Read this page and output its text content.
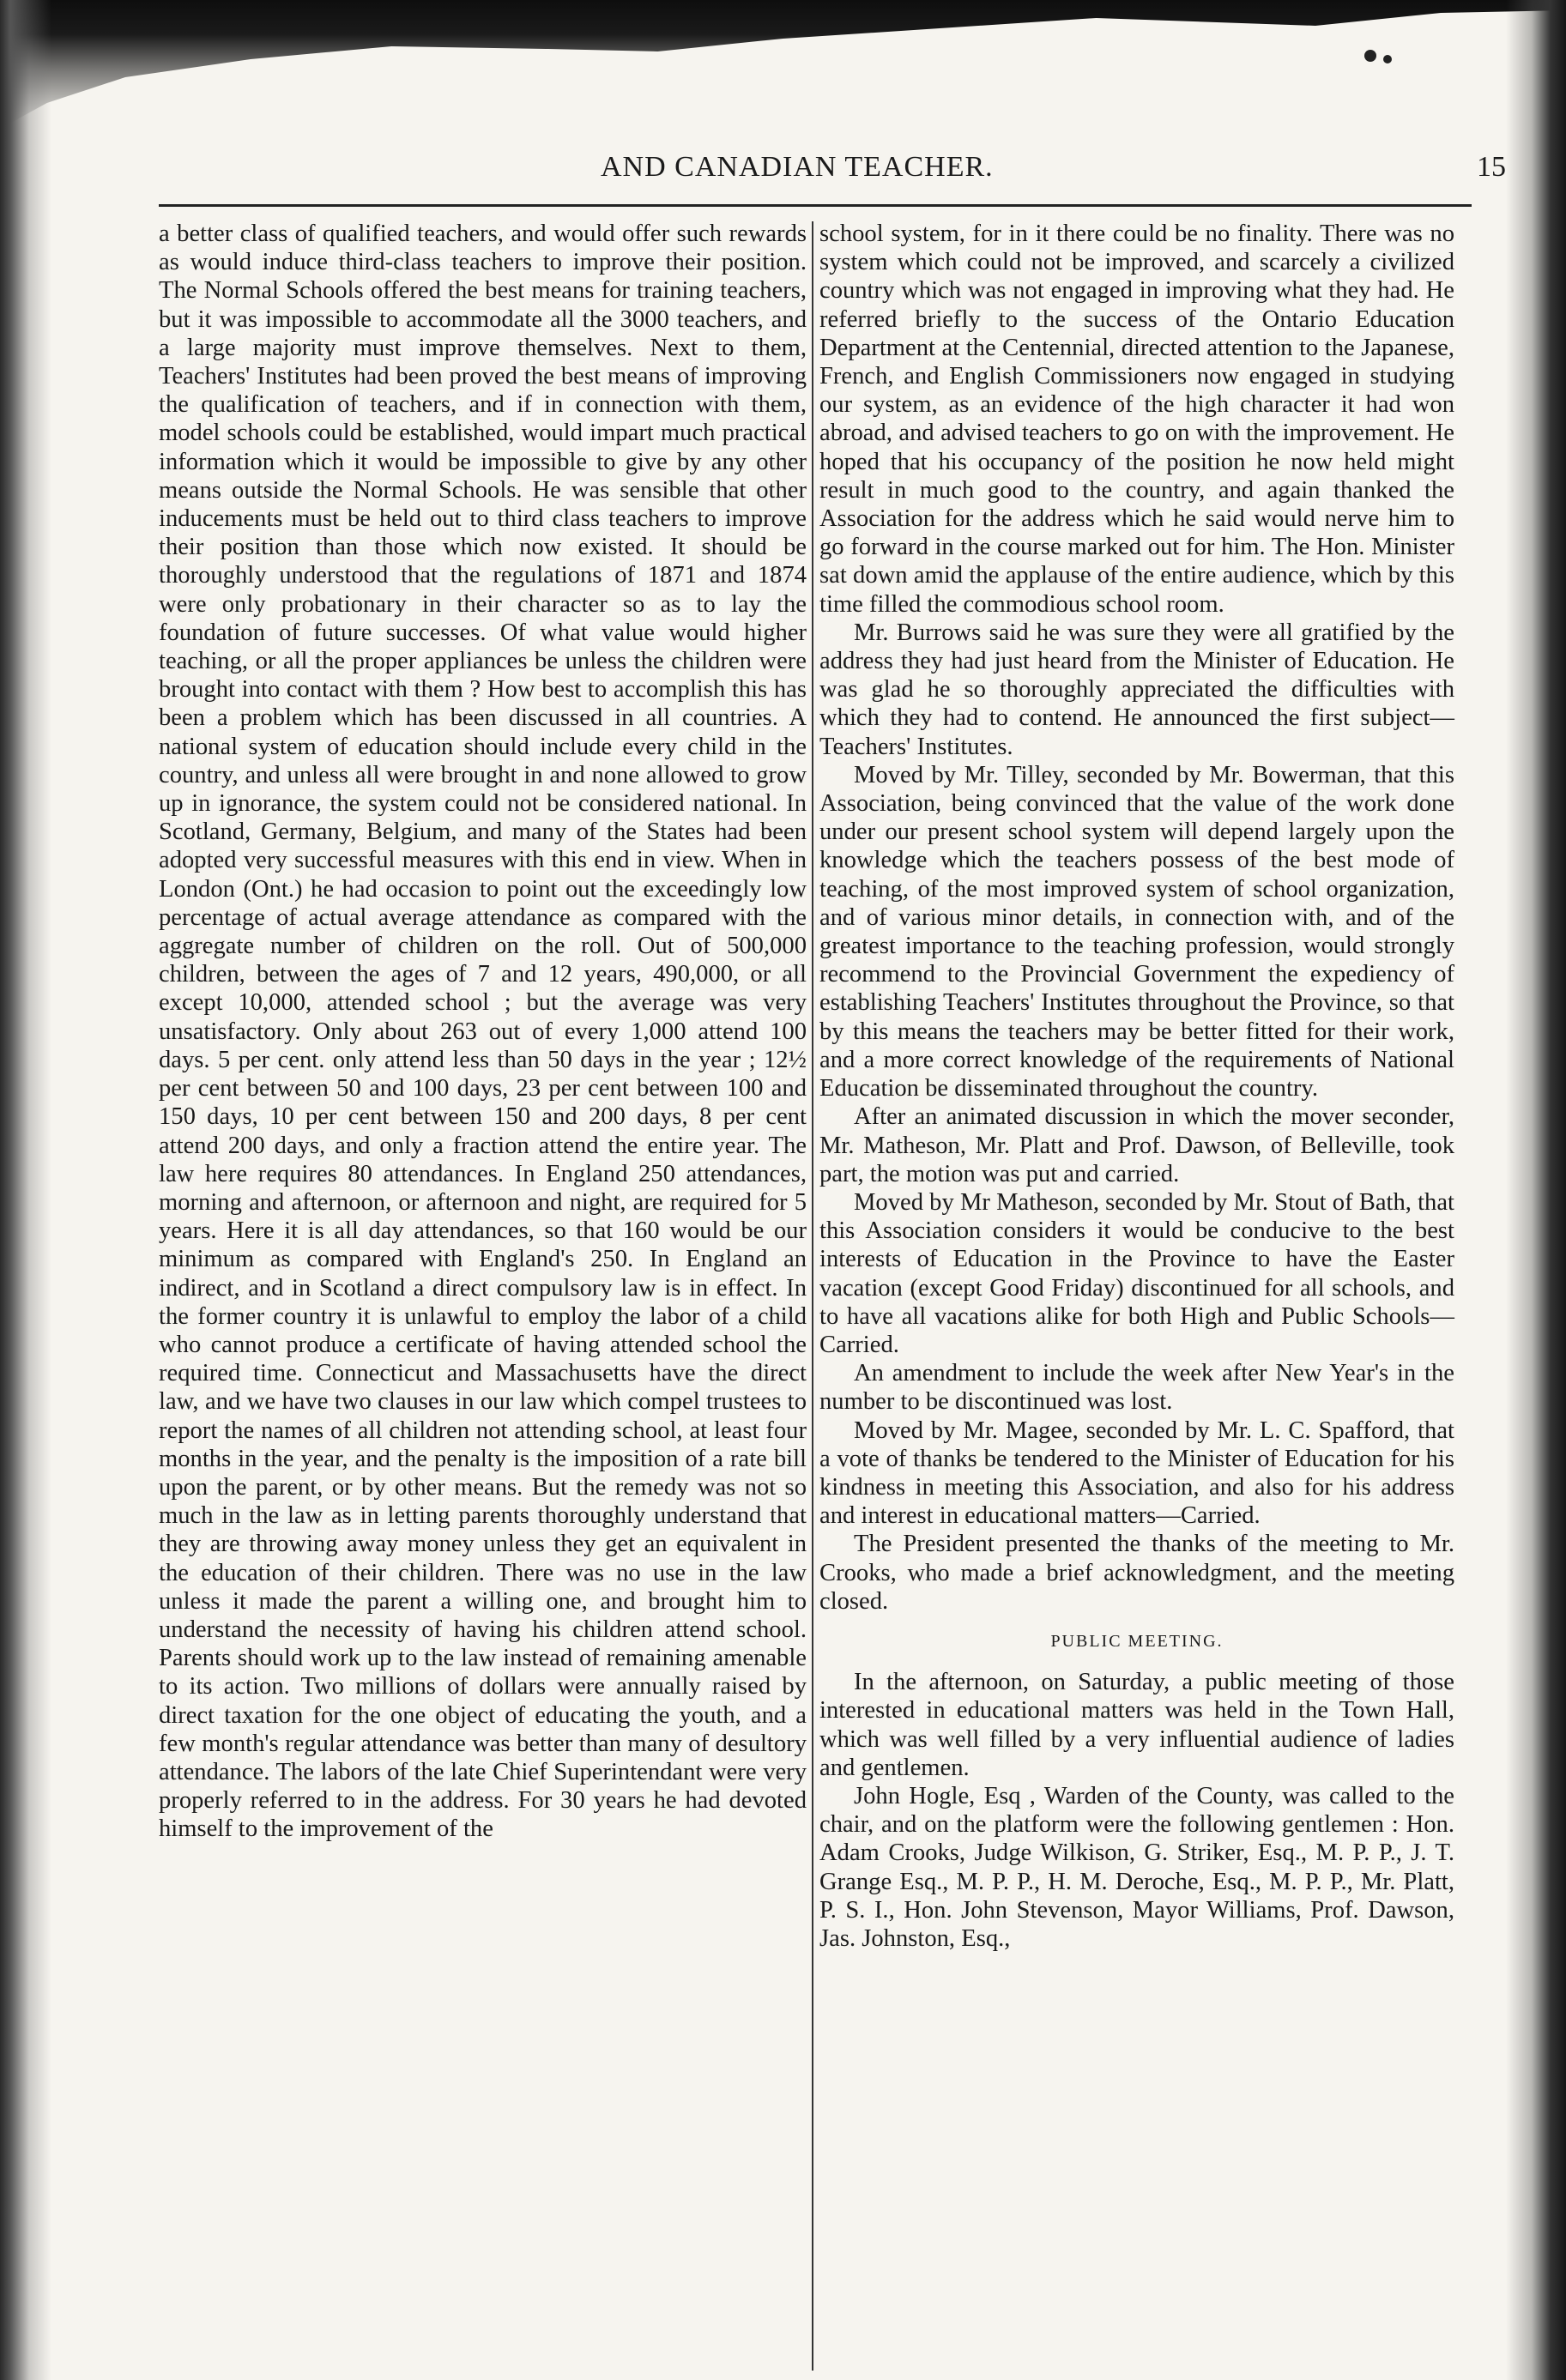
AND CANADIAN TEACHER.	15

a better class of qualified teachers, and would offer such rewards as would induce third-class teachers to improve their position. The Normal Schools offered the best means for training teachers, but it was impossible to accommodate all the 3000 teachers, and a large majority must improve themselves. Next to them, Teachers' Institutes had been proved the best means of improving the qualification of teachers, and if in connection with them, model schools could be established, would impart much practical information which it would be impossible to give by any other means outside the Normal Schools. He was sensible that other inducements must be held out to third class teachers to improve their position than those which now existed. It should be thoroughly understood that the regulations of 1871 and 1874 were only probationary in their character so as to lay the foundation of future successes. Of what value would higher teaching, or all the proper appliances be unless the children were brought into contact with them ? How best to accomplish this has been a problem which has been discussed in all countries. A national system of education should include every child in the country, and unless all were brought in and none allowed to grow up in ignorance, the system could not be considered national. In Scotland, Germany, Belgium, and many of the States had been adopted very successful measures with this end in view. When in London (Ont.) he had occasion to point out the exceedingly low percentage of actual average attendance as compared with the aggregate number of children on the roll. Out of 500,000 children, between the ages of 7 and 12 years, 490,000, or all except 10,000, attended school ; but the average was very unsatisfactory. Only about 263 out of every 1,000 attend 100 days. 5 per cent. only attend less than 50 days in the year ; 12½ per cent between 50 and 100 days, 23 per cent between 100 and 150 days, 10 per cent between 150 and 200 days, 8 per cent attend 200 days, and only a fraction attend the entire year. The law here requires 80 attendances. In England 250 attendances, morning and afternoon, or afternoon and night, are required for 5 years. Here it is all day attendances, so that 160 would be our minimum as compared with England's 250. In England an indirect, and in Scotland a direct compulsory law is in effect. In the former country it is unlawful to employ the labor of a child who cannot produce a certificate of having attended school the required time. Connecticut and Massachusetts have the direct law, and we have two clauses in our law which compel trustees to report the names of all children not attending school, at least four months in the year, and the penalty is the imposition of a rate bill upon the parent, or by other means. But the remedy was not so much in the law as in letting parents thoroughly understand that they are throwing away money unless they get an equivalent in the education of their children. There was no use in the law unless it made the parent a willing one, and brought him to understand the necessity of having his children attend school. Parents should work up to the law instead of remaining amenable to its action. Two millions of dollars were annually raised by direct taxation for the one object of educating the youth, and a few month's regular attendance was better than many of desultory attendance. The labors of the late Chief Superintendant were very properly referred to in the address. For 30 years he had devoted himself to the improvement of the

school system, for in it there could be no finality. There was no system which could not be improved, and scarcely a civilized country which was not engaged in improving what they had. He referred briefly to the success of the Ontario Education Department at the Centennial, directed attention to the Japanese, French, and English Commissioners now engaged in studying our system, as an evidence of the high character it had won abroad, and advised teachers to go on with the improvement. He hoped that his occupancy of the position he now held might result in much good to the country, and again thanked the Association for the address which he said would nerve him to go forward in the course marked out for him. The Hon. Minister sat down amid the applause of the entire audience, which by this time filled the commodious school room.

Mr. Burrows said he was sure they were all gratified by the address they had just heard from the Minister of Education. He was glad he so thoroughly appreciated the difficulties with which they had to contend. He announced the first subject—Teachers' Institutes.

Moved by Mr. Tilley, seconded by Mr. Bowerman, that this Association, being convinced that the value of the work done under our present school system will depend largely upon the knowledge which the teachers possess of the best mode of teaching, of the most improved system of school organization, and of various minor details, in connection with, and of the greatest importance to the teaching profession, would strongly recommend to the Provincial Government the expediency of establishing Teachers' Institutes throughout the Province, so that by this means the teachers may be better fitted for their work, and a more correct knowledge of the requirements of National Education be disseminated throughout the country.

After an animated discussion in which the mover seconder, Mr. Matheson, Mr. Platt and Prof. Dawson, of Belleville, took part, the motion was put and carried.

Moved by Mr Matheson, seconded by Mr. Stout of Bath, that this Association considers it would be conducive to the best interests of Education in the Province to have the Easter vacation (except Good Friday) discontinued for all schools, and to have all vacations alike for both High and Public Schools—Carried.

An amendment to include the week after New Year's in the number to be discontinued was lost.

Moved by Mr. Magee, seconded by Mr. L. C. Spafford, that a vote of thanks be tendered to the Minister of Education for his kindness in meeting this Association, and also for his address and interest in educational matters—Carried.

The President presented the thanks of the meeting to Mr. Crooks, who made a brief acknowledgment, and the meeting closed.

PUBLIC MEETING.

In the afternoon, on Saturday, a public meeting of those interested in educational matters was held in the Town Hall, which was well filled by a very influential audience of ladies and gentlemen.

John Hogle, Esq , Warden of the County, was called to the chair, and on the platform were the following gentlemen : Hon. Adam Crooks, Judge Wilkison, G. Striker, Esq., M. P. P., J. T. Grange Esq., M. P. P., H. M. Deroche, Esq., M. P. P., Mr. Platt, P. S. I., Hon. John Stevenson, Mayor Williams, Prof. Dawson, Jas. Johnston, Esq.,
